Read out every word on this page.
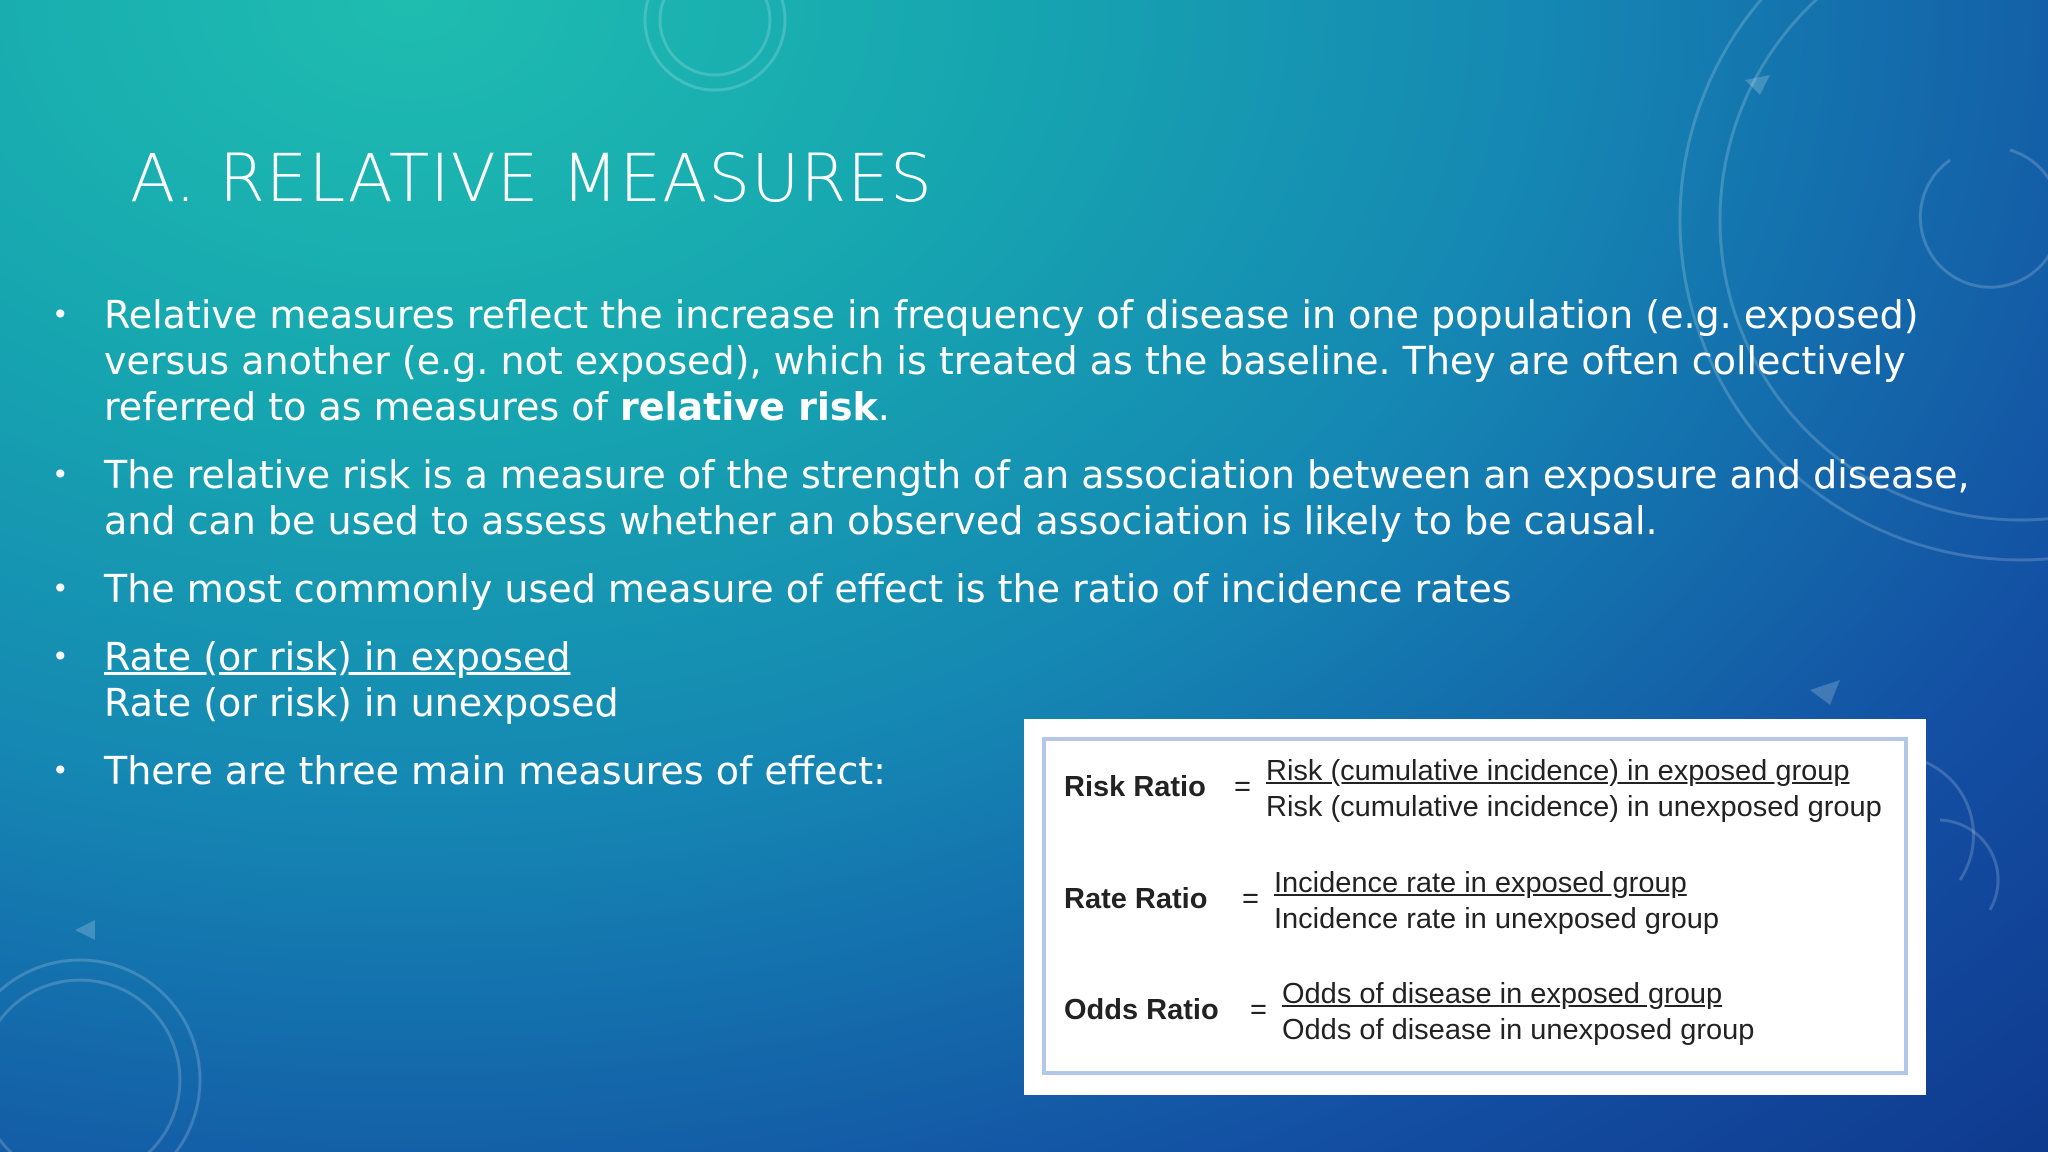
A. RELATIVE MEASURES
• Relative measures reflect the increase in frequency of disease in one population (e.g. exposed) versus another (e.g. not exposed), which is treated as the baseline. They are often collectively referred to as measures of relative risk.
• The relative risk is a measure of the strength of an association between an exposure and disease, and can be used to assess whether an observed association is likely to be causal.
• The most commonly used measure of effect is the ratio of incidence rates
• Rate (or risk) in exposed
Rate (or risk) in unexposed
• There are three main measures of effect:	Risk Ratio = Risk (cumulative incidence) in exposed group
Risk (cumulative incidence) in unexposed group
Rate Ratio = Incidence rate in exposed group
Incidence rate in unexposed group
Odds Ratio = Odds of disease in exposed group
Odds of disease in unexposed group
